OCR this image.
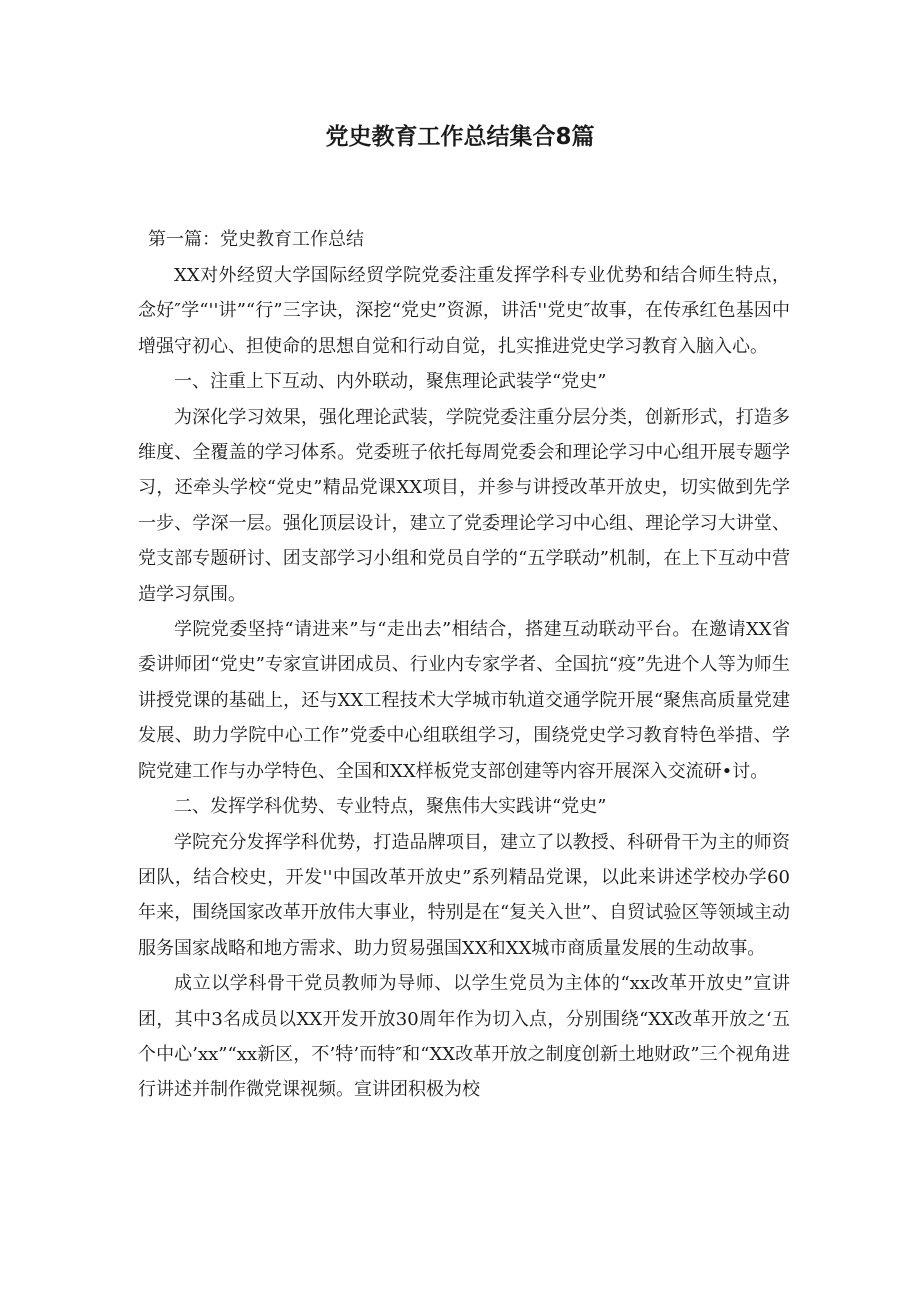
党史教育工作总结集合8篇

第一篇：党史教育工作总结

XX对外经贸大学国际经贸学院党委注重发挥学科专业优势和结合师生特点，念好″学“''讲”“行”三字诀，深挖“党史”资源，讲活''党史″故事，在传承红色基因中增强守初心、担使命的思想自觉和行动自觉，扎实推进党史学习教育入脑入心。

一、注重上下互动、内外联动，聚焦理论武装学“党史”

为深化学习效果，强化理论武装，学院党委注重分层分类，创新形式，打造多维度、全覆盖的学习体系。党委班子依托每周党委会和理论学习中心组开展专题学习，还牵头学校“党史”精品党课XX项目，并参与讲授改革开放史，切实做到先学一步、学深一层。强化顶层设计，建立了党委理论学习中心组、理论学习大讲堂、党支部专题研讨、团支部学习小组和党员自学的“五学联动”机制，在上下互动中营造学习氛围。

学院党委坚持“请进来”与“走出去”相结合，搭建互动联动平台。在邀请XX省委讲师团“党史”专家宣讲团成员、行业内专家学者、全国抗“疫”先进个人等为师生讲授党课的基础上，还与XX工程技术大学城市轨道交通学院开展“聚焦高质量党建发展、助力学院中心工作”党委中心组联组学习，围绕党史学习教育特色举措、学院党建工作与办学特色、全国和XX样板党支部创建等内容开展深入交流研•讨。

二、发挥学科优势、专业特点，聚焦伟大实践讲“党史”

学院充分发挥学科优势，打造品牌项目，建立了以教授、科研骨干为主的师资团队，结合校史，开发''中国改革开放史”系列精品党课，以此来讲述学校办学60年来，围绕国家改革开放伟大事业，特别是在“复关入世”、自贸试验区等领域主动服务国家战略和地方需求、助力贸易强国XX和XX城市商质量发展的生动故事。

成立以学科骨干党员教师为导师、以学生党员为主体的“xx改革开放史”宣讲团，其中3名成员以XX开发开放30周年作为切入点，分别围绕“XX改革开放之‘五个中心’xx”“xx新区，不’特’而特″和“XX改革开放之制度创新土地财政”三个视角进行讲述并制作微党课视频。宣讲团积极为校
